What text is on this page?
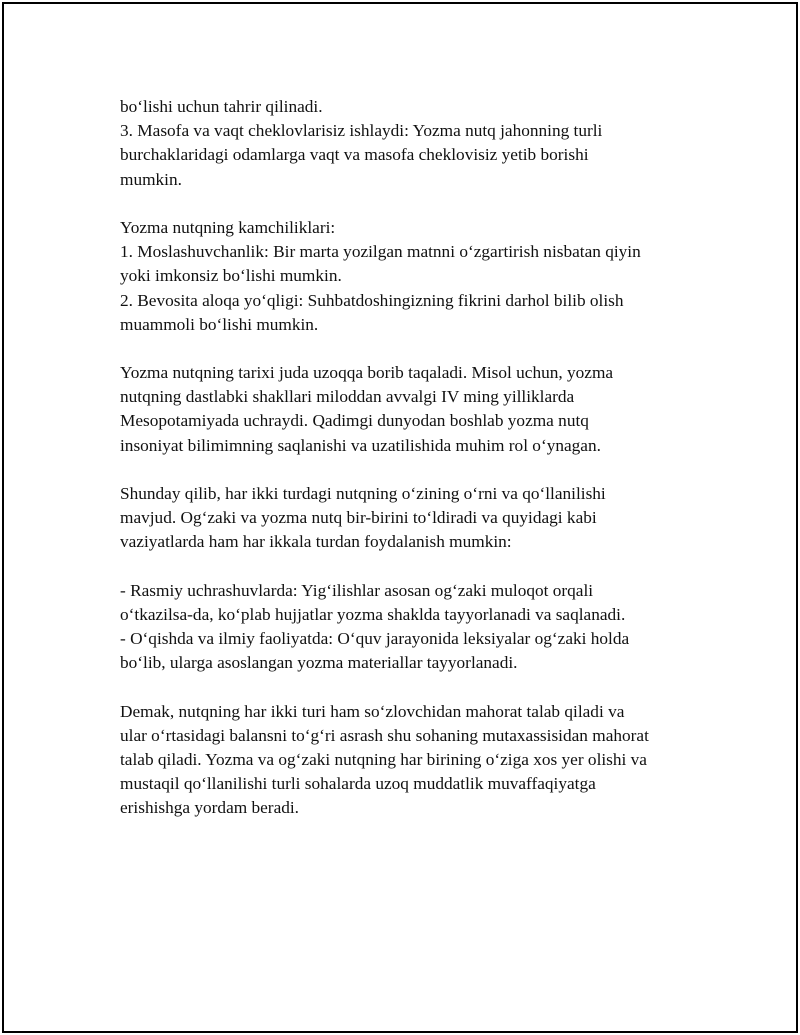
bo‘lishi uchun tahrir qilinadi.
3. Masofa va vaqt cheklovlarisiz ishlaydi: Yozma nutq jahonning turli
burchaklaridagi odamlarga vaqt va masofa cheklovisiz yetib borishi
mumkin.
Yozma nutqning kamchiliklari:
1. Moslashuvchanlik: Bir marta yozilgan matnni o‘zgartirish nisbatan qiyin
yoki imkonsiz bo‘lishi mumkin.
2. Bevosita aloqa yo‘qligi: Suhbatdoshingizning fikrini darhol bilib olish
muammoli bo‘lishi mumkin.
Yozma nutqning tarixi juda uzoqqa borib taqaladi. Misol uchun, yozma
nutqning dastlabki shakllari miloddan avvalgi IV ming yilliklarda
Mesopotamiyada uchraydi. Qadimgi dunyodan boshlab yozma nutq
insoniyat bilimimning saqlanishi va uzatilishida muhim rol o‘ynagan.
Shunday qilib, har ikki turdagi nutqning o‘zining o‘rni va qo‘llanilishi
mavjud. Og‘zaki va yozma nutq bir-birini to‘ldiradi va quyidagi kabi
vaziyatlarda ham har ikkala turdan foydalanish mumkin:
- Rasmiy uchrashuvlarda: Yig‘ilishlar asosan og‘zaki muloqot orqali
o‘tkazilsa-da, ko‘plab hujjatlar yozma shaklda tayyorlanadi va saqlanadi.
- O‘qishda va ilmiy faoliyatda: O‘quv jarayonida leksiyalar og‘zaki holda
bo‘lib, ularga asoslangan yozma materiallar tayyorlanadi.
Demak, nutqning har ikki turi ham so‘zlovchidan mahorat talab qiladi va
ular o‘rtasidagi balansni to‘g‘ri asrash shu sohaning mutaxassisidan mahorat
talab qiladi. Yozma va og‘zaki nutqning har birining o‘ziga xos yer olishi va
mustaqil qo‘llanilishi turli sohalarda uzoq muddatlik muvaffaqiyatga
erishishga yordam beradi.
